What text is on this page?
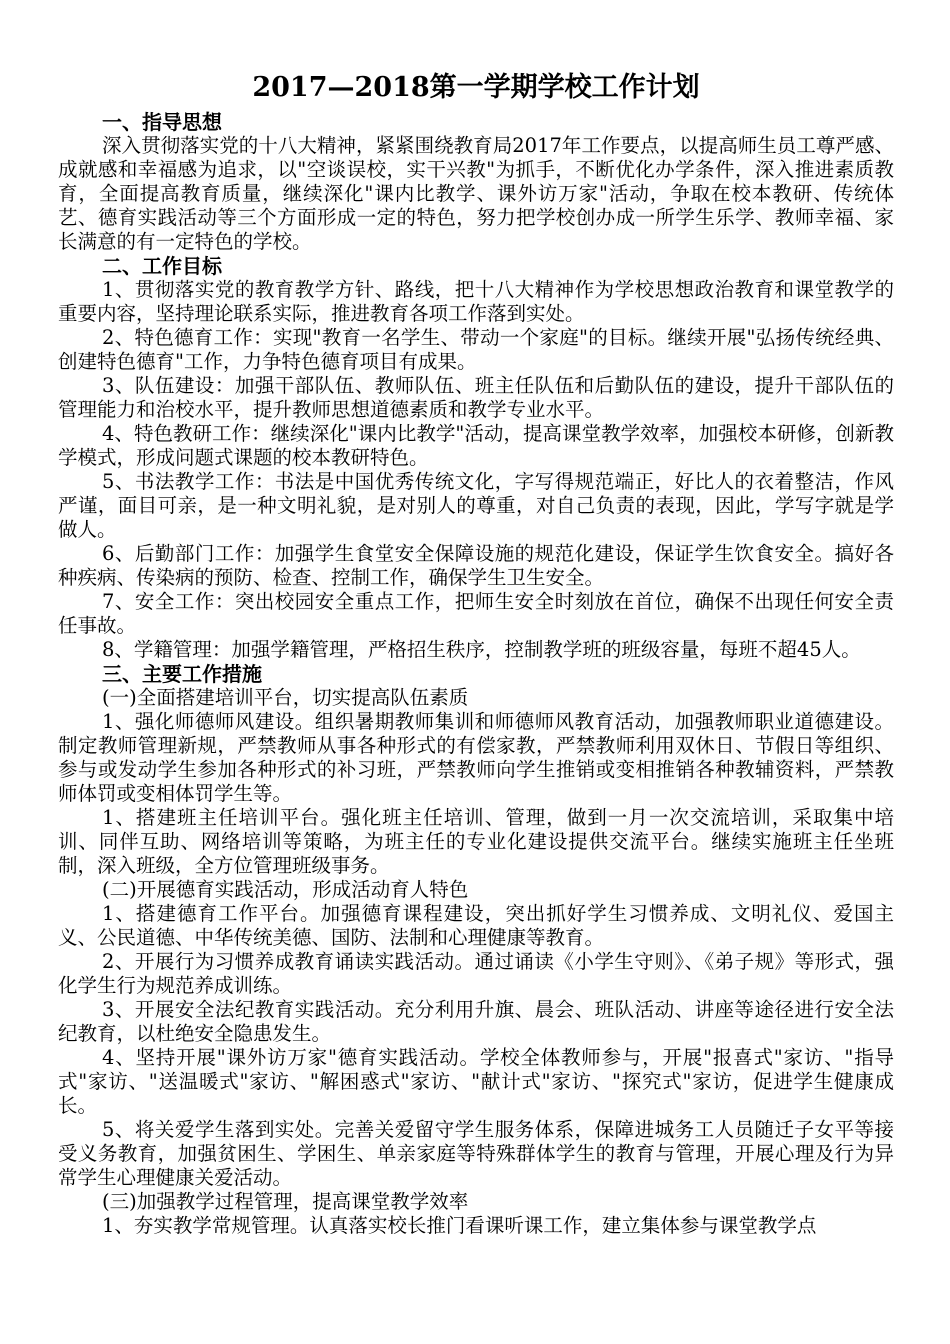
2017—2018第一学期学校工作计划
一、指导思想

深入贯彻落实党的十八大精神，紧紧围绕教育局2017年工作要点，以提高师生员工尊严感、成就感和幸福感为追求，以"空谈误校，实干兴教"为抓手，不断优化办学条件，深入推进素质教育，全面提高教育质量，继续深化"课内比教学、课外访万家"活动，争取在校本教研、传统体艺、德育实践活动等三个方面形成一定的特色，努力把学校创办成一所学生乐学、教师幸福、家长满意的有一定特色的学校。

二、工作目标

1、贯彻落实党的教育教学方针、路线，把十八大精神作为学校思想政治教育和课堂教学的重要内容，坚持理论联系实际，推进教育各项工作落到实处。

2、特色德育工作：实现"教育一名学生、带动一个家庭"的目标。继续开展"弘扬传统经典、创建特色德育"工作，力争特色德育项目有成果。

3、队伍建设：加强干部队伍、教师队伍、班主任队伍和后勤队伍的建设，提升干部队伍的管理能力和治校水平，提升教师思想道德素质和教学专业水平。

4、特色教研工作：继续深化"课内比教学"活动，提高课堂教学效率，加强校本研修，创新教学模式，形成问题式课题的校本教研特色。

5、书法教学工作：书法是中国优秀传统文化，字写得规范端正，好比人的衣着整洁，作风严谨，面目可亲，是一种文明礼貌，是对别人的尊重，对自己负责的表现，因此，学写字就是学做人。

6、后勤部门工作：加强学生食堂安全保障设施的规范化建设，保证学生饮食安全。搞好各种疾病、传染病的预防、检查、控制工作，确保学生卫生安全。

7、安全工作：突出校园安全重点工作，把师生安全时刻放在首位，确保不出现任何安全责任事故。

8、学籍管理：加强学籍管理，严格招生秩序，控制教学班的班级容量，每班不超45人。

三、主要工作措施
(一)全面搭建培训平台，切实提高队伍素质

1、强化师德师风建设。组织暑期教师集训和师德师风教育活动，加强教师职业道德建设。制定教师管理新规，严禁教师从事各种形式的有偿家教，严禁教师利用双休日、节假日等组织、参与或发动学生参加各种形式的补习班，严禁教师向学生推销或变相推销各种教辅资料，严禁教师体罚或变相体罚学生等。

1、搭建班主任培训平台。强化班主任培训、管理，做到一月一次交流培训，采取集中培训、同伴互助、网络培训等策略，为班主任的专业化建设提供交流平台。继续实施班主任坐班制，深入班级，全方位管理班级事务。

(二)开展德育实践活动，形成活动育人特色

1、搭建德育工作平台。加强德育课程建设，突出抓好学生习惯养成、文明礼仪、爱国主义、公民道德、中华传统美德、国防、法制和心理健康等教育。

2、开展行为习惯养成教育诵读实践活动。通过诵读《小学生守则》、《弟子规》等形式，强化学生行为规范养成训练。

3、开展安全法纪教育实践活动。充分利用升旗、晨会、班队活动、讲座等途径进行安全法纪教育，以杜绝安全隐患发生。

4、坚持开展"课外访万家"德育实践活动。学校全体教师参与，开展"报喜式"家访、"指导式"家访、"送温暖式"家访、"解困惑式"家访、"献计式"家访、"探究式"家访，促进学生健康成长。

5、将关爱学生落到实处。完善关爱留守学生服务体系，保障进城务工人员随迁子女平等接受义务教育，加强贫困生、学困生、单亲家庭等特殊群体学生的教育与管理，开展心理及行为异常学生心理健康关爱活动。

(三)加强教学过程管理，提高课堂教学效率

1、夯实教学常规管理。认真落实校长推门看课听课工作，建立集体参与课堂教学点
